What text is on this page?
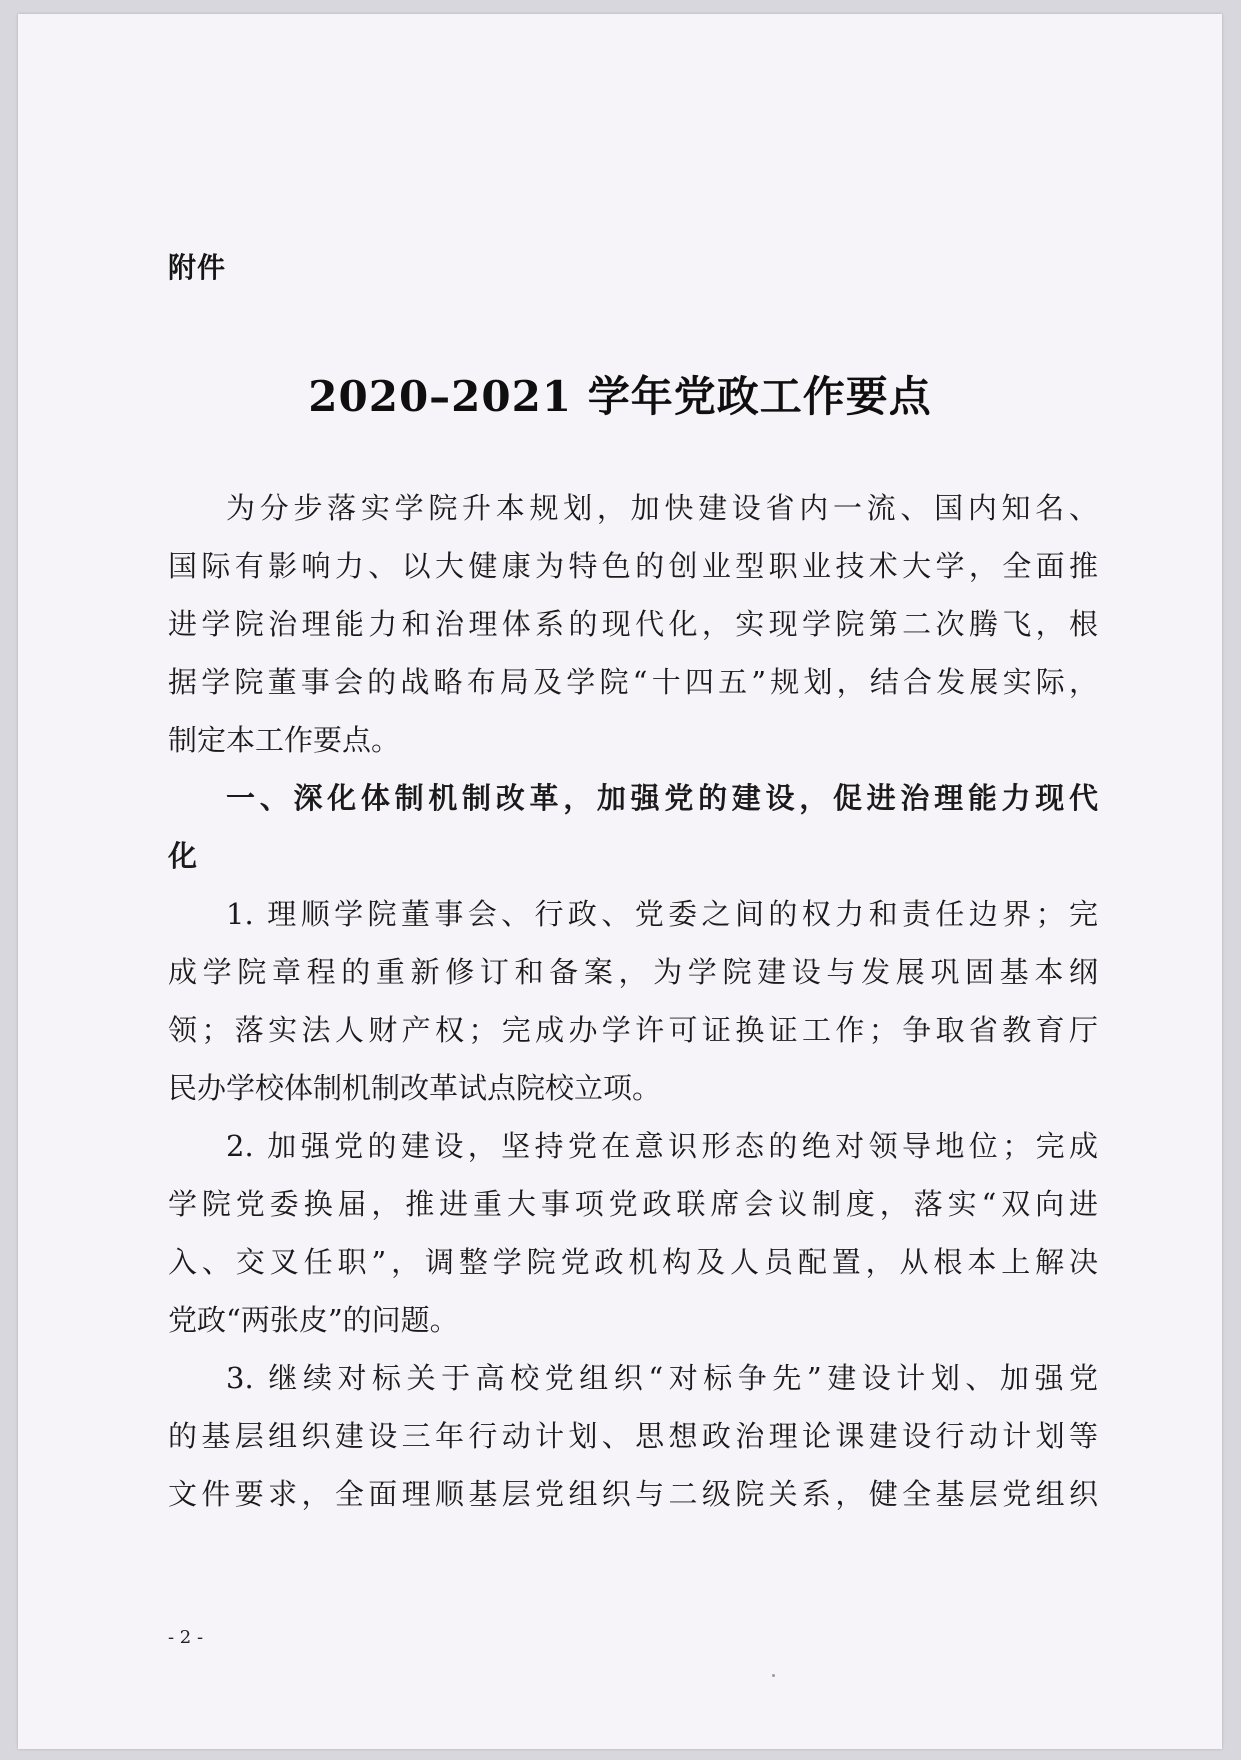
附件
2020–2021 学年党政工作要点
为分步落实学院升本规划，加快建设省内一流、国内知名、
国际有影响力、以大健康为特色的创业型职业技术大学，全面推
进学院治理能力和治理体系的现代化，实现学院第二次腾飞，根
据学院董事会的战略布局及学院“十四五”规划，结合发展实际，
制定本工作要点。
一、深化体制机制改革，加强党的建设，促进治理能力现代
化
1. 理顺学院董事会、行政、党委之间的权力和责任边界；完
成学院章程的重新修订和备案，为学院建设与发展巩固基本纲
领；落实法人财产权；完成办学许可证换证工作；争取省教育厅
民办学校体制机制改革试点院校立项。
2. 加强党的建设，坚持党在意识形态的绝对领导地位；完成
学院党委换届，推进重大事项党政联席会议制度，落实“双向进
入、交叉任职”，调整学院党政机构及人员配置，从根本上解决
党政“两张皮”的问题。
3. 继续对标关于高校党组织“对标争先”建设计划、加强党
的基层组织建设三年行动计划、思想政治理论课建设行动计划等
文件要求，全面理顺基层党组织与二级院关系，健全基层党组织
- 2 -
